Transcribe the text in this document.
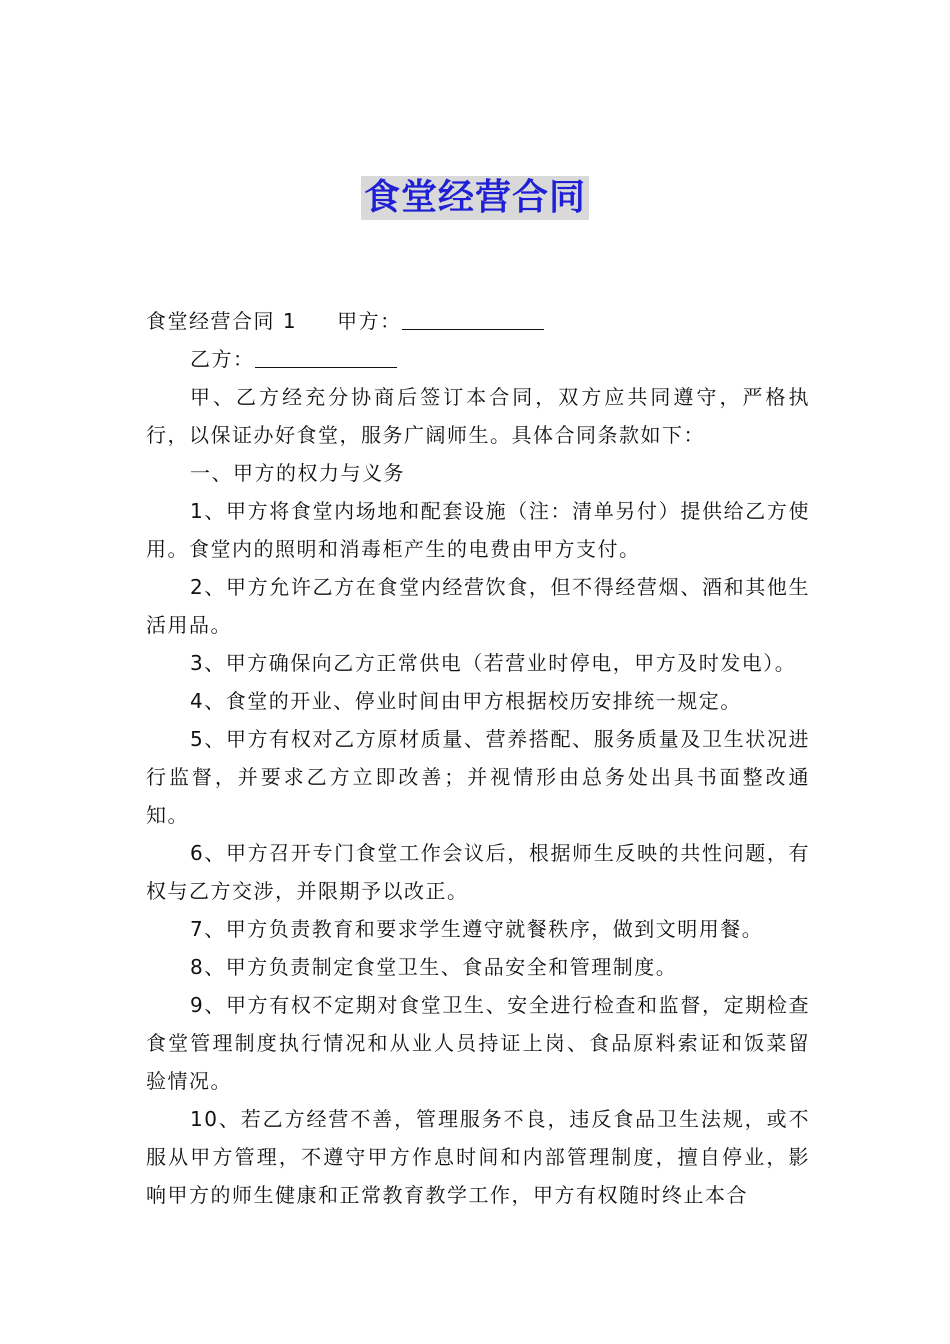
食堂经营合同

食堂经营合同 1 甲方：

乙方：

甲、乙方经充分协商后签订本合同，双方应共同遵守，严格执行，以保证办好食堂，服务广阔师生。具体合同条款如下：

一、甲方的权力与义务

1、甲方将食堂内场地和配套设施（注：清单另付）提供给乙方使用。食堂内的照明和消毒柜产生的电费由甲方支付。

2、甲方允许乙方在食堂内经营饮食，但不得经营烟、酒和其他生活用品。

3、甲方确保向乙方正常供电（若营业时停电，甲方及时发电）。

4、食堂的开业、停业时间由甲方根据校历安排统一规定。

5、甲方有权对乙方原材质量、营养搭配、服务质量及卫生状况进行监督，并要求乙方立即改善；并视情形由总务处出具书面整改通知。

6、甲方召开专门食堂工作会议后，根据师生反映的共性问题，有权与乙方交涉，并限期予以改正。

7、甲方负责教育和要求学生遵守就餐秩序，做到文明用餐。

8、甲方负责制定食堂卫生、食品安全和管理制度。

9、甲方有权不定期对食堂卫生、安全进行检查和监督，定期检查食堂管理制度执行情况和从业人员持证上岗、食品原料索证和饭菜留验情况。

10、若乙方经营不善，管理服务不良，违反食品卫生法规，或不服从甲方管理，不遵守甲方作息时间和内部管理制度，擅自停业，影响甲方的师生健康和正常教育教学工作，甲方有权随时终止本合
